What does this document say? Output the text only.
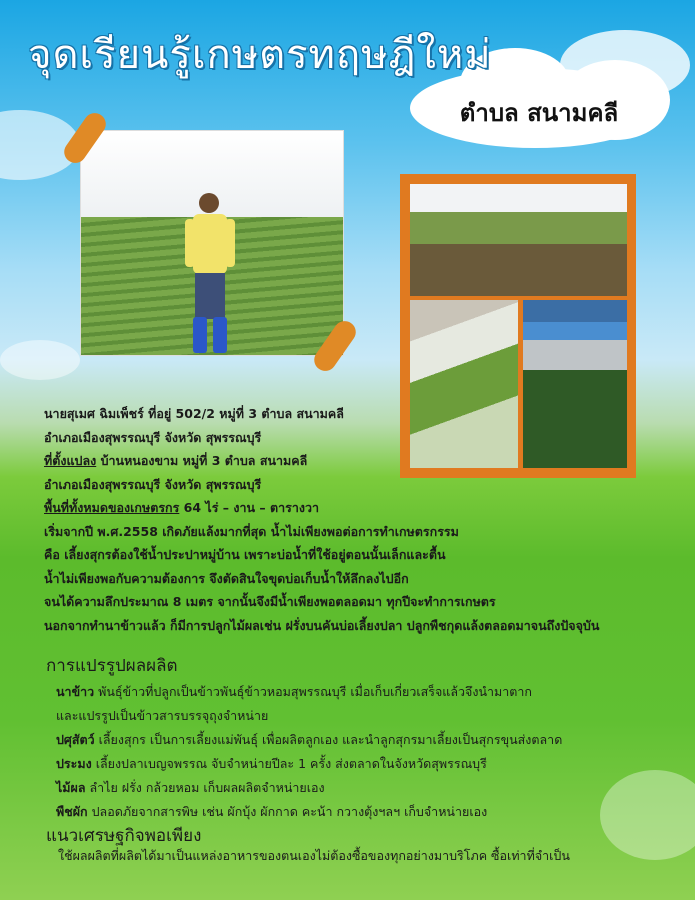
จุดเรียนรู้เกษตรทฤษฎีใหม่
ตำบล สนามคลี
นายสุเมศ ฉิมเพ็ชร์ ที่อยู่ 502/2 หมู่ที่ 3 ตำบล สนามคลี
อำเภอเมืองสุพรรณบุรี จังหวัด สุพรรณบุรี
ที่ตั้งแปลง บ้านหนองขาม หมู่ที่ 3 ตำบล สนามคลี
อำเภอเมืองสุพรรณบุรี จังหวัด สุพรรณบุรี
พื้นที่ทั้งหมดของเกษตรกร 64 ไร่ – งาน – ตารางวา
เริ่มจากปี พ.ศ.2558 เกิดภัยแล้งมากที่สุด น้ำไม่เพียงพอต่อการทำเกษตรกรรม
คือ เลี้ยงสุกรต้องใช้น้ำประปาหมู่บ้าน เพราะบ่อน้ำที่ใช้อยู่ตอนนั้นเล็กและตื้น
น้ำไม่เพียงพอกับความต้องการ จึงตัดสินใจขุดบ่อเก็บน้ำให้ลึกลงไปอีก
จนได้ความลึกประมาณ 8 เมตร จากนั้นจึงมีน้ำเพียงพอตลอดมา ทุกปีจะทำการเกษตร
นอกจากทำนาข้าวแล้ว ก็มีการปลูกไม้ผลเช่น ฝรั่งบนคันบ่อเลี้ยงปลา ปลูกพืชกุดแล้งตลอดมาจนถึงปัจจุบัน
การแปรรูปผลผลิต
นาข้าว พันธุ์ข้าวที่ปลูกเป็นข้าวพันธุ์ข้าวหอมสุพรรณบุรี เมื่อเก็บเกี่ยวเสร็จแล้วจึงนำมาตาก
และแปรรูปเป็นข้าวสารบรรจุถุงจำหน่าย
ปศุสัตว์ เลี้ยงสุกร เป็นการเลี้ยงแม่พันธุ์ เพื่อผลิตลูกเอง และนำลูกสุกรมาเลี้ยงเป็นสุกรขุนส่งตลาด
ประมง เลี้ยงปลาเบญจพรรณ จับจำหน่ายปีละ 1 ครั้ง ส่งตลาดในจังหวัดสุพรรณบุรี
ไม้ผล ลำไย ฝรั่ง กล้วยหอม เก็บผลผลิตจำหน่ายเอง
พืชผัก ปลอดภัยจากสารพิษ เช่น ผักบุ้ง ผักกาด คะน้า กวางตุ้งฯลฯ เก็บจำหน่ายเอง
แนวเศรษฐกิจพอเพียง
ใช้ผลผลิตที่ผลิตได้มาเป็นแหล่งอาหารของตนเองไม่ต้องซื้อของทุกอย่างมาบริโภค ซื้อเท่าที่จำเป็น
